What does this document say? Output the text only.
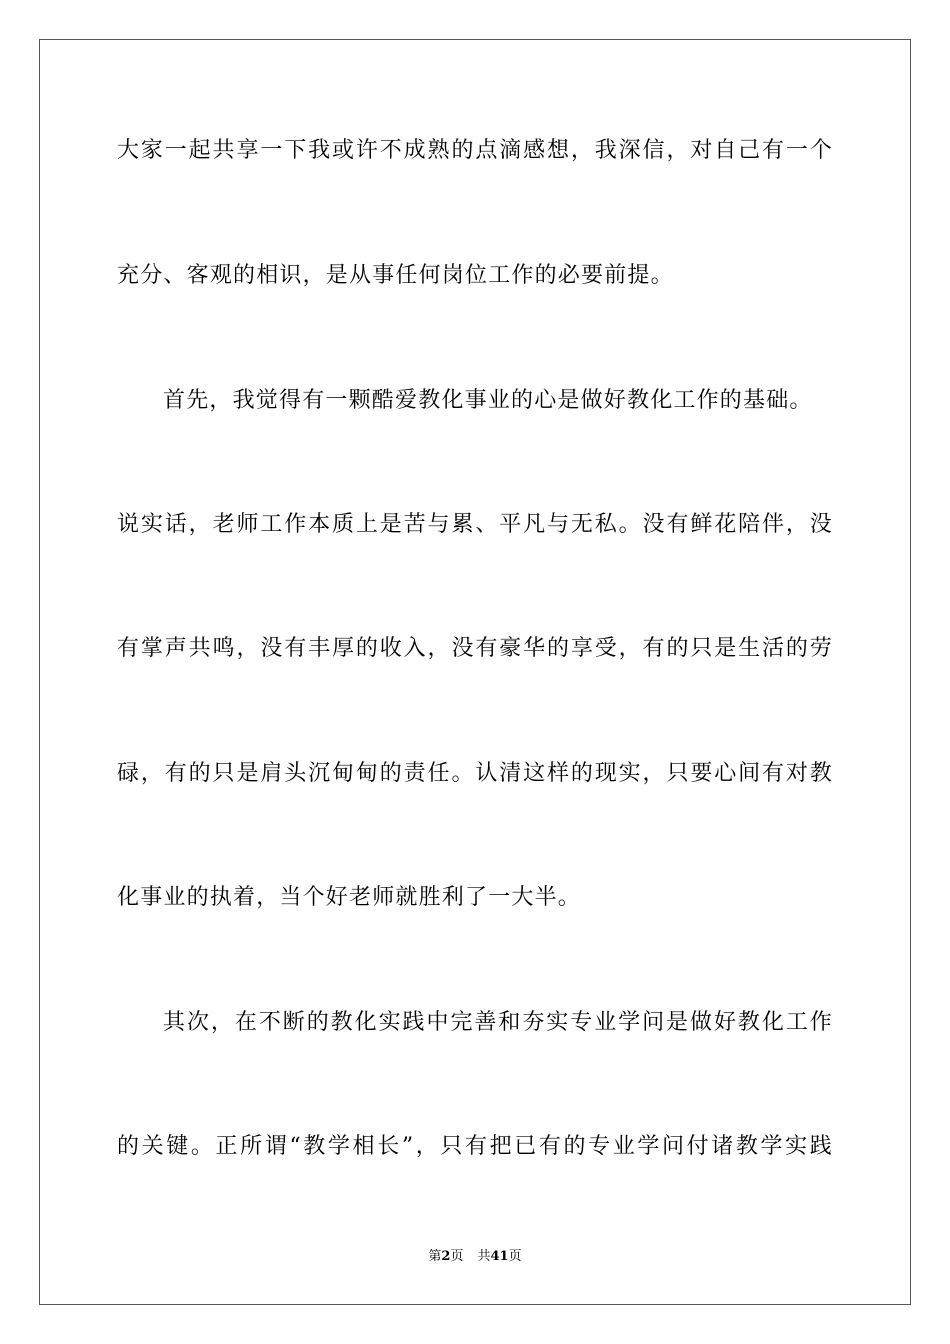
大家一起共享一下我或许不成熟的点滴感想，我深信，对自己有一个
充分、客观的相识，是从事任何岗位工作的必要前提。
首先，我觉得有一颗酷爱教化事业的心是做好教化工作的基础。
说实话，老师工作本质上是苦与累、平凡与无私。没有鲜花陪伴，没
有掌声共鸣，没有丰厚的收入，没有豪华的享受，有的只是生活的劳
碌，有的只是肩头沉甸甸的责任。认清这样的现实，只要心间有对教
化事业的执着，当个好老师就胜利了一大半。
其次，在不断的教化实践中完善和夯实专业学问是做好教化工作
的关键。正所谓“教学相长”，只有把已有的专业学问付诸教学实践
第2页 共41页
